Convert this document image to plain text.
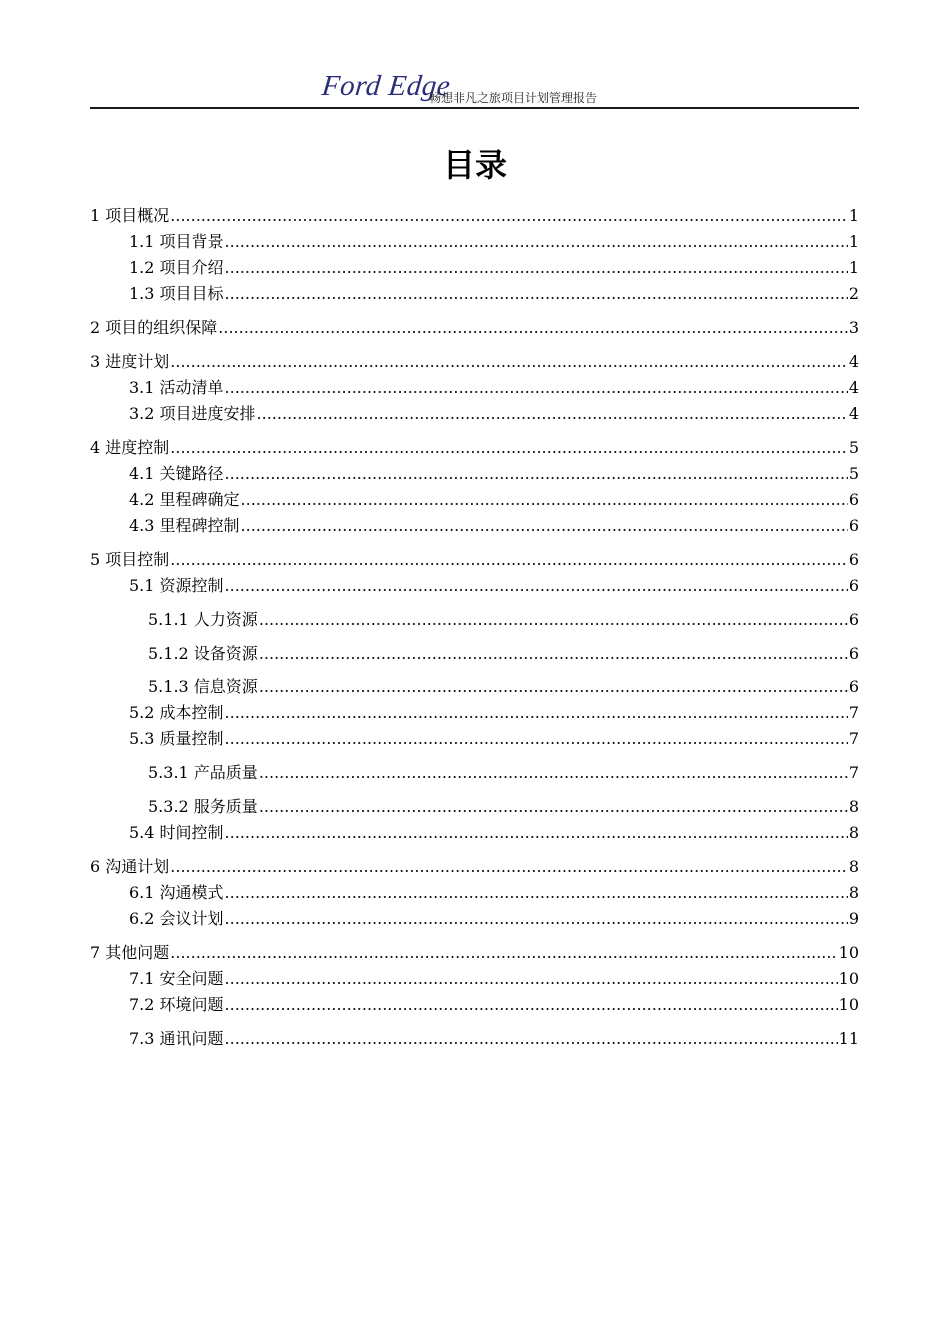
Ford Edge
畅想非凡之旅项目计划管理报告
目录
1 项目概况 .....	1
1.1 项目背景 .....	1
1.2 项目介绍 .....	1
1.3 项目目标 .....	2
2 项目的组织保障 .....	3
3 进度计划 .....	4
3.1 活动清单 .....	4
3.2 项目进度安排 .....	4
4 进度控制 .....	5
4.1 关键路径 .....	5
4.2 里程碑确定 .....	6
4.3 里程碑控制 .....	6
5 项目控制 .....	6
5.1 资源控制 .....	6
5.1.1 人力资源 .....	6
5.1.2 设备资源 .....	6
5.1.3 信息资源 .....	6
5.2 成本控制 .....	7
5.3 质量控制 .....	7
5.3.1 产品质量 .....	7
5.3.2 服务质量 .....	8
5.4 时间控制 .....	8
6 沟通计划 .....	8
6.1 沟通模式 .....	8
6.2 会议计划 .....	9
7 其他问题 .....	10
7.1 安全问题 .....	10
7.2 环境问题 .....	10
7.3 通讯问题 .....	11
